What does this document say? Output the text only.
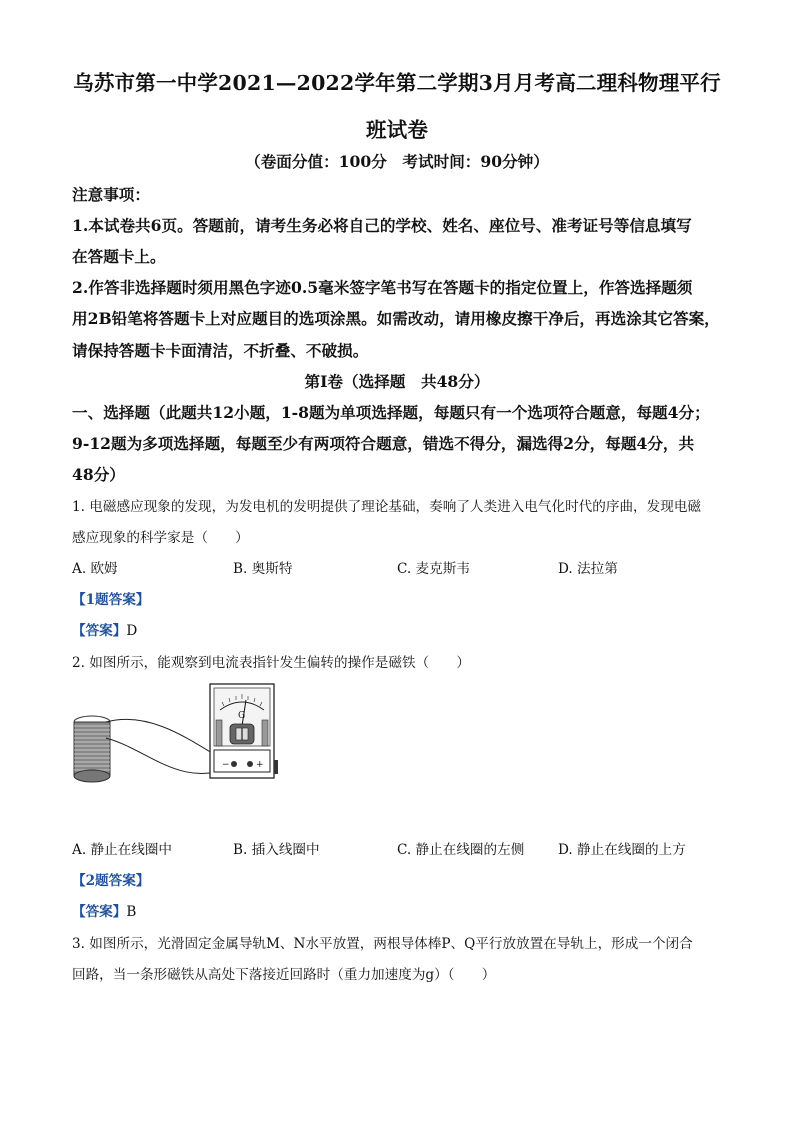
乌苏市第一中学2021—2022学年第二学期3月月考高二理科物理平行
班试卷
（卷面分值：100分　考试时间：90分钟）
注意事项：
1.本试卷共6页。答题前，请考生务必将自己的学校、姓名、座位号、准考证号等信息填写
在答题卡上。
2.作答非选择题时须用黑色字迹0.5毫米签字笔书写在答题卡的指定位置上，作答选择题须
用2B铅笔将答题卡上对应题目的选项涂黑。如需改动，请用橡皮擦干净后，再选涂其它答案，
请保持答题卡卡面清洁，不折叠、不破损。
第Ⅰ卷（选择题　共48分）
一、选择题（此题共12小题，1-8题为单项选择题，每题只有一个选项符合题意，每题4分；
9-12题为多项选择题，每题至少有两项符合题意，错选不得分，漏选得2分，每题4分，共
48分）
1. 电磁感应现象的发现，为发电机的发明提供了理论基础，奏响了人类进入电气化时代的序曲，发现电磁
感应现象的科学家是（　　）
A. 欧姆	B. 奥斯特	C. 麦克斯韦	D. 法拉第
【1题答案】
【答案】D
2. 如图所示，能观察到电流表指针发生偏转的操作是磁铁（　　）
G
−	+
A. 静止在线圈中	B. 插入线圈中	C. 静止在线圈的左侧 D. 静止在线圈的上方
【2题答案】
【答案】B
3. 如图所示，光滑固定金属导轨M、N水平放置，两根导体棒P、Q平行放放置在导轨上，形成一个闭合
回路，当一条形磁铁从高处下落接近回路时（重力加速度为g）（　　）
